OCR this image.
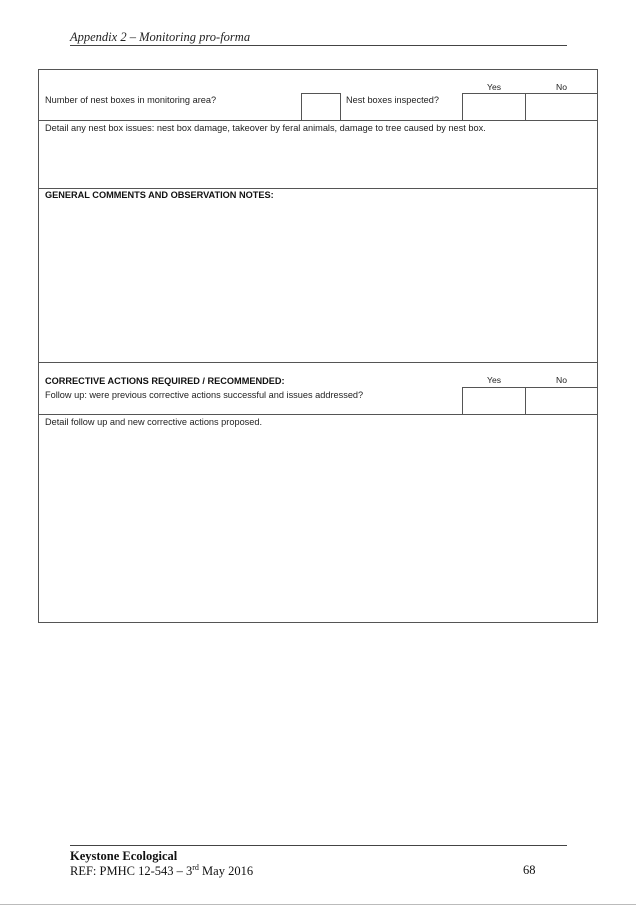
Appendix 2 – Monitoring pro-forma
Yes	No
Number of nest boxes in monitoring area?	Nest boxes inspected?
Detail any nest box issues: nest box damage, takeover by feral animals, damage to tree caused by nest box.
GENERAL COMMENTS AND OBSERVATION NOTES:
CORRECTIVE ACTIONS REQUIRED / RECOMMENDED:	Yes	No
Follow up: were previous corrective actions successful and issues addressed?
Detail follow up and new corrective actions proposed.
Keystone Ecological
REF: PMHC 12-543 – 3rd May 2016	68
